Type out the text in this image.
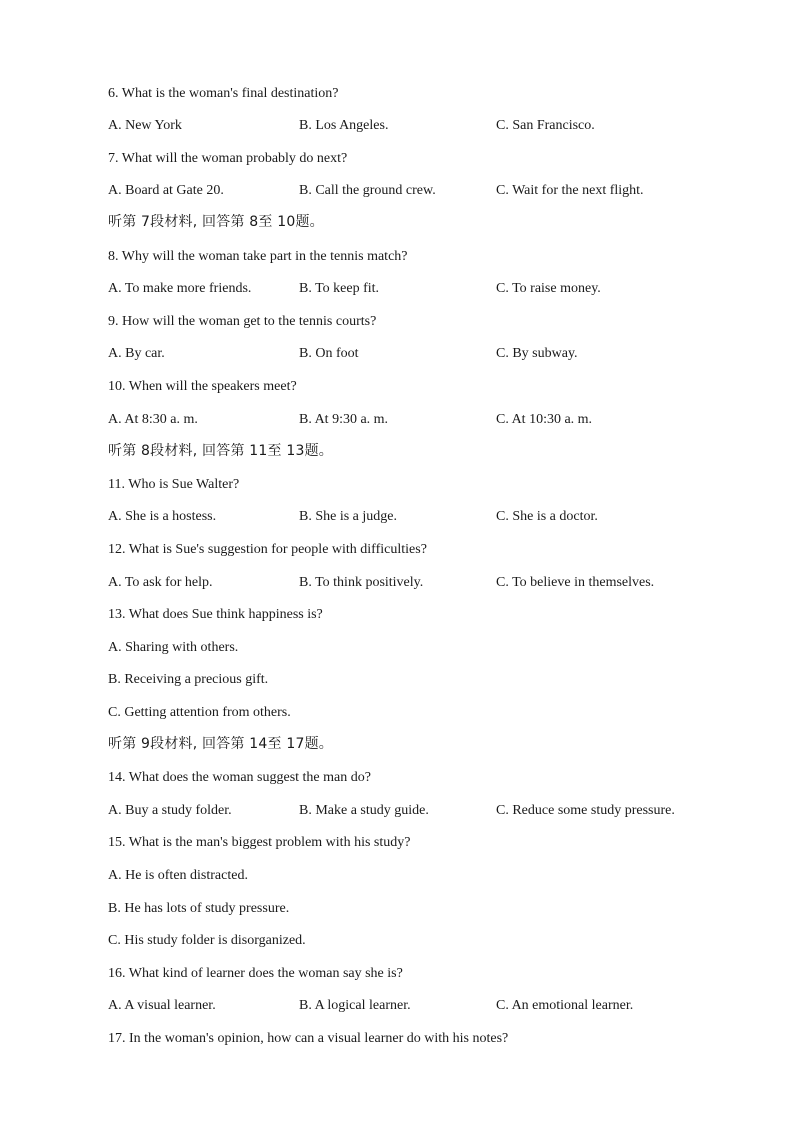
6. What is the woman's final destination?
A. New York	B. Los Angeles.	C. San Francisco.
7. What will the woman probably do next?
A. Board at Gate 20.	B. Call the ground crew.	C. Wait for the next flight.
听第 7段材料, 回答第 8至 10题。
8. Why will the woman take part in the tennis match?
A. To make more friends.	B. To keep fit.	C. To raise money.
9. How will the woman get to the tennis courts?
A. By car.	B. On foot	C. By subway.
10. When will the speakers meet?
A. At 8:30 a. m.	B. At 9:30 a. m.	C. At 10:30 a. m.
听第 8段材料, 回答第 11至 13题。
11. Who is Sue Walter?
A. She is a hostess.	B. She is a judge.	C. She is a doctor.
12. What is Sue's suggestion for people with difficulties?
A. To ask for help.	B. To think positively.	C. To believe in themselves.
13. What does Sue think happiness is?
A. Sharing with others.
B. Receiving a precious gift.
C. Getting attention from others.
听第 9段材料, 回答第 14至 17题。
14. What does the woman suggest the man do?
A. Buy a study folder.	B. Make a study guide.	C. Reduce some study pressure.
15. What is the man's biggest problem with his study?
A. He is often distracted.
B. He has lots of study pressure.
C. His study folder is disorganized.
16. What kind of learner does the woman say she is?
A. A visual learner.	B. A logical learner.	C. An emotional learner.
17. In the woman's opinion, how can a visual learner do with his notes?
